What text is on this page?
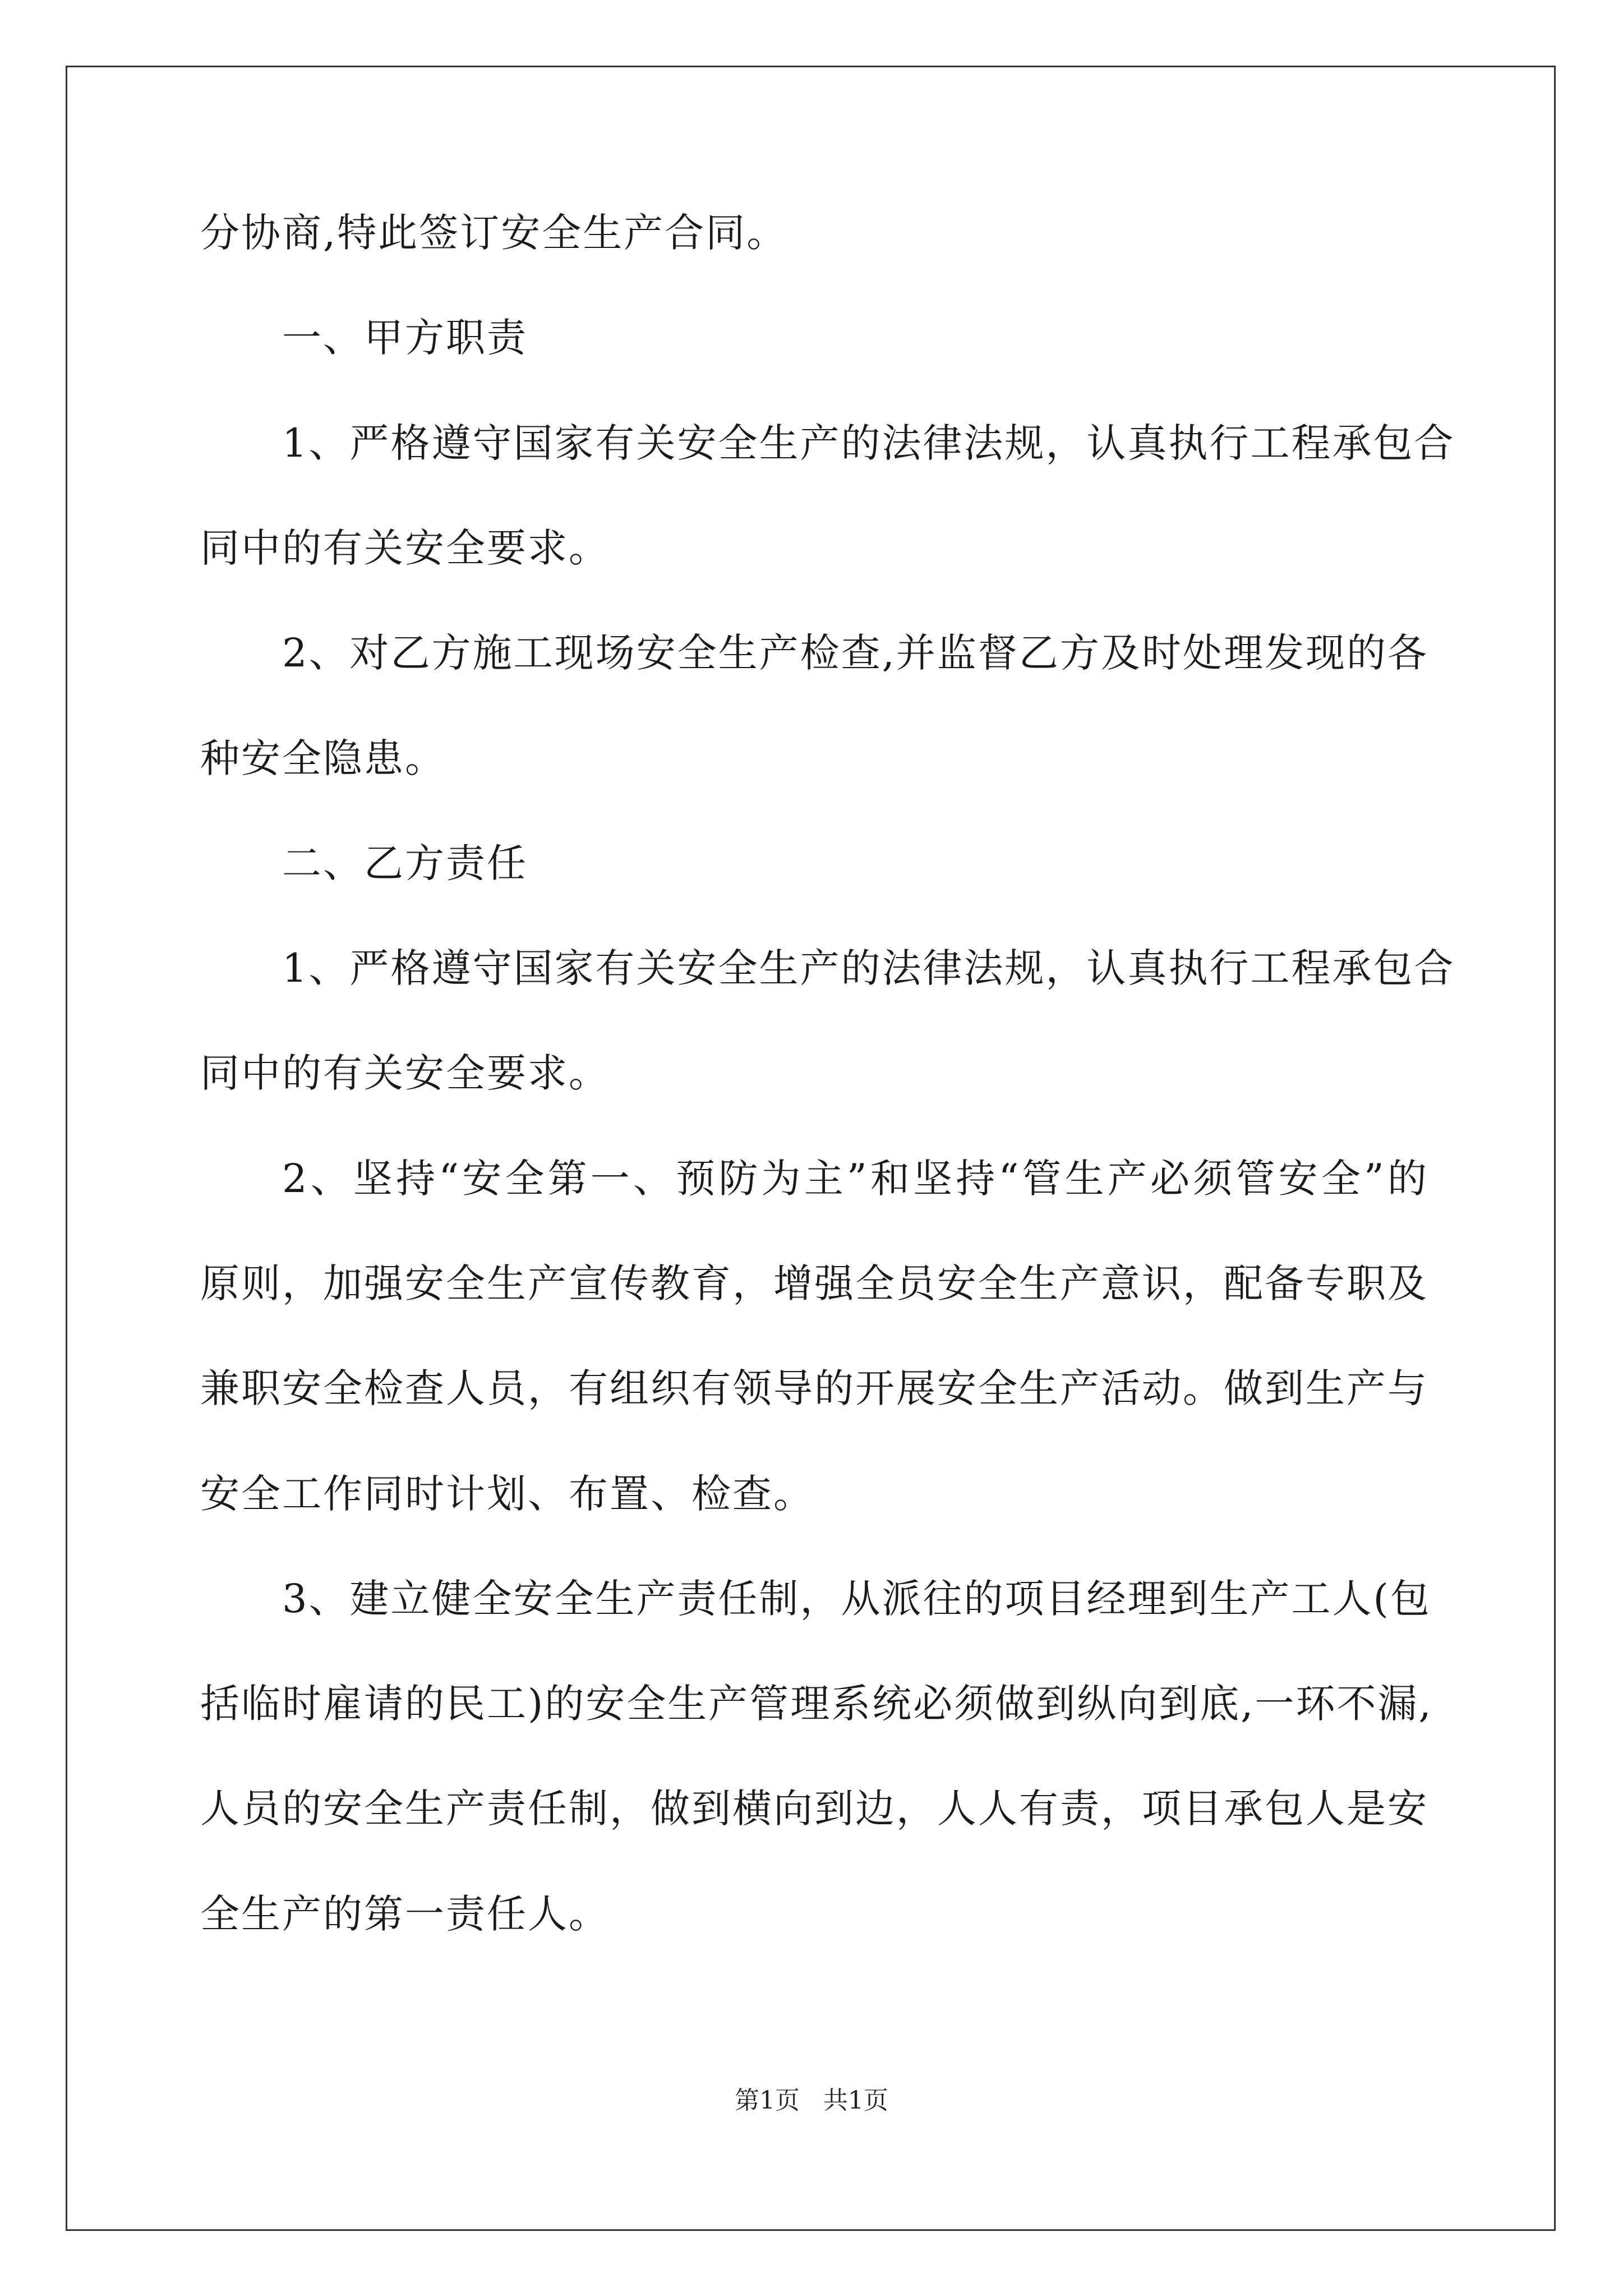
分协商,特此签订安全生产合同。
一、甲方职责
1、严格遵守国家有关安全生产的法律法规，认真执行工程承包合
同中的有关安全要求。
2、对乙方施工现场安全生产检查,并监督乙方及时处理发现的各
种安全隐患。
二、乙方责任
1、严格遵守国家有关安全生产的法律法规，认真执行工程承包合
同中的有关安全要求。
2、坚持“安全第一、预防为主”和坚持“管生产必须管安全”的
原则，加强安全生产宣传教育，增强全员安全生产意识，配备专职及
兼职安全检查人员，有组织有领导的开展安全生产活动。做到生产与
安全工作同时计划、布置、检查。
3、建立健全安全生产责任制，从派往的项目经理到生产工人(包
括临时雇请的民工)的安全生产管理系统必须做到纵向到底,一环不漏,
人员的安全生产责任制，做到横向到边，人人有责，项目承包人是安
全生产的第一责任人。
第1页   共1页
